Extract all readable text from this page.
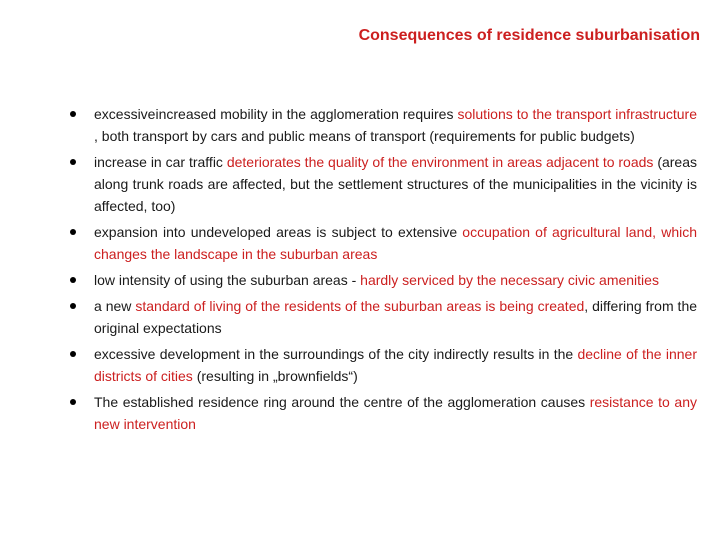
Consequences of residence suburbanisation
excessiveincreased mobility in the agglomeration requires solutions to the transport infrastructure , both transport by cars and public means of transport (requirements for public budgets)
increase in car traffic deteriorates the quality of the environment in areas adjacent to roads (areas along trunk roads are affected, but the settlement structures of the municipalities in the vicinity is affected, too)
expansion into undeveloped areas is subject to extensive occupation of agricultural land, which changes the landscape in the suburban areas
low intensity of using the suburban areas - hardly serviced by the necessary civic amenities
a new standard of living of the residents of the suburban areas is being created, differing from the original expectations
excessive development in the surroundings of the city indirectly results in the decline of the inner districts of cities (resulting in „brownfields“)
The established residence ring around the centre of the agglomeration causes resistance to any new intervention
